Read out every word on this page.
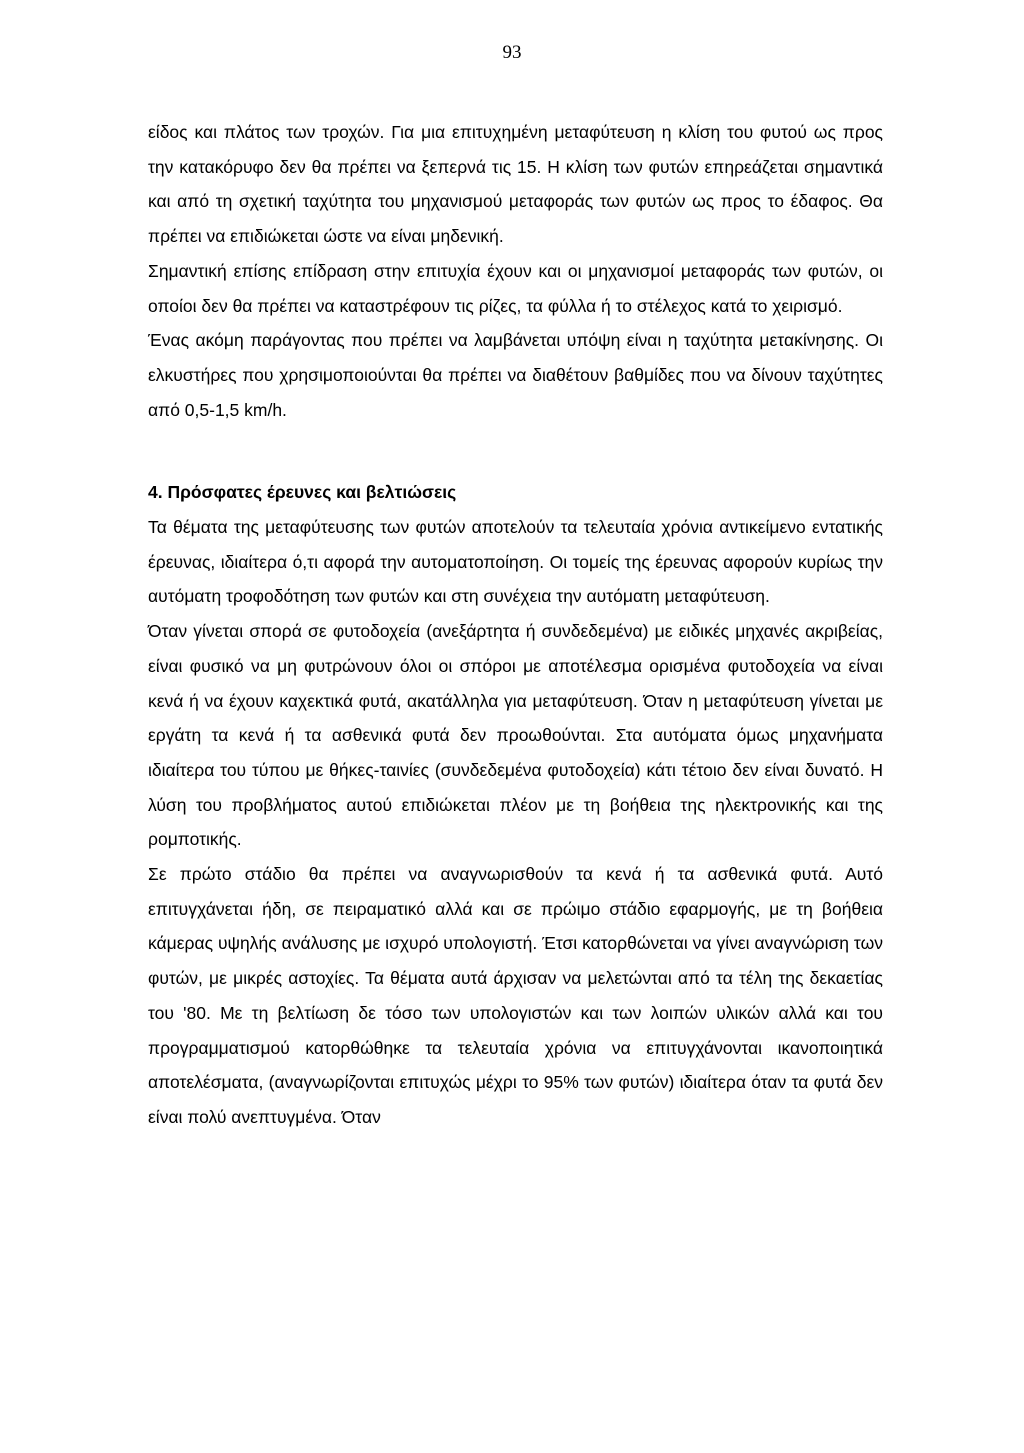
93

είδος και πλάτος των τροχών. Για μια επιτυχημένη μεταφύτευση η κλίση του φυτού ως προς την κατακόρυφο δεν θα πρέπει να ξεπερνά τις 15. Η κλίση των φυτών επηρεάζεται σημαντικά και από τη σχετική ταχύτητα του μηχανισμού μεταφοράς των φυτών ως προς το έδαφος. Θα πρέπει να επιδιώκεται ώστε να είναι μηδενική.

Σημαντική επίσης επίδραση στην επιτυχία έχουν και οι μηχανισμοί μεταφοράς των φυτών, οι οποίοι δεν θα πρέπει να καταστρέφουν τις ρίζες, τα φύλλα ή το στέλεχος κατά το χειρισμό.

Ένας ακόμη παράγοντας που πρέπει να λαμβάνεται υπόψη είναι η ταχύτητα μετακίνησης. Οι ελκυστήρες που χρησιμοποιούνται θα πρέπει να διαθέτουν βαθμίδες που να δίνουν ταχύτητες από 0,5-1,5 km/h.

4. Πρόσφατες έρευνες και βελτιώσεις

Τα θέματα της μεταφύτευσης των φυτών αποτελούν τα τελευταία χρόνια αντικείμενο εντατικής έρευνας, ιδιαίτερα ό,τι αφορά την αυτοματοποίηση. Οι τομείς της έρευνας αφορούν κυρίως την αυτόματη τροφοδότηση των φυτών και στη συνέχεια την αυτόματη μεταφύτευση.

Όταν γίνεται σπορά σε φυτοδοχεία (ανεξάρτητα ή συνδεδεμένα) με ειδικές μηχανές ακριβείας, είναι φυσικό να μη φυτρώνουν όλοι οι σπόροι με αποτέλεσμα ορισμένα φυτοδοχεία να είναι κενά ή να έχουν καχεκτικά φυτά, ακατάλληλα για μεταφύτευση. Όταν η μεταφύτευση γίνεται με εργάτη τα κενά ή τα ασθενικά φυτά δεν προωθούνται. Στα αυτόματα όμως μηχανήματα ιδιαίτερα του τύπου με θήκες-ταινίες (συνδεδεμένα φυτοδοχεία) κάτι τέτοιο δεν είναι δυνατό. Η λύση του προβλήματος αυτού επιδιώκεται πλέον με τη βοήθεια της ηλεκτρονικής και της ρομποτικής.

Σε πρώτο στάδιο θα πρέπει να αναγνωρισθούν τα κενά ή τα ασθενικά φυτά. Αυτό επιτυγχάνεται ήδη, σε πειραματικό αλλά και σε πρώιμο στάδιο εφαρμογής, με τη βοήθεια κάμερας υψηλής ανάλυσης με ισχυρό υπολογιστή. Έτσι κατορθώνεται να γίνει αναγνώριση των φυτών, με μικρές αστοχίες. Τα θέματα αυτά άρχισαν να μελετώνται από τα τέλη της δεκαετίας του '80. Με τη βελτίωση δε τόσο των υπολογιστών και των λοιπών υλικών αλλά και του προγραμματισμού κατορθώθηκε τα τελευταία χρόνια να επιτυγχάνονται ικανοποιητικά αποτελέσματα, (αναγνωρίζονται επιτυχώς μέχρι το 95% των φυτών) ιδιαίτερα όταν τα φυτά δεν είναι πολύ ανεπτυγμένα. Όταν
